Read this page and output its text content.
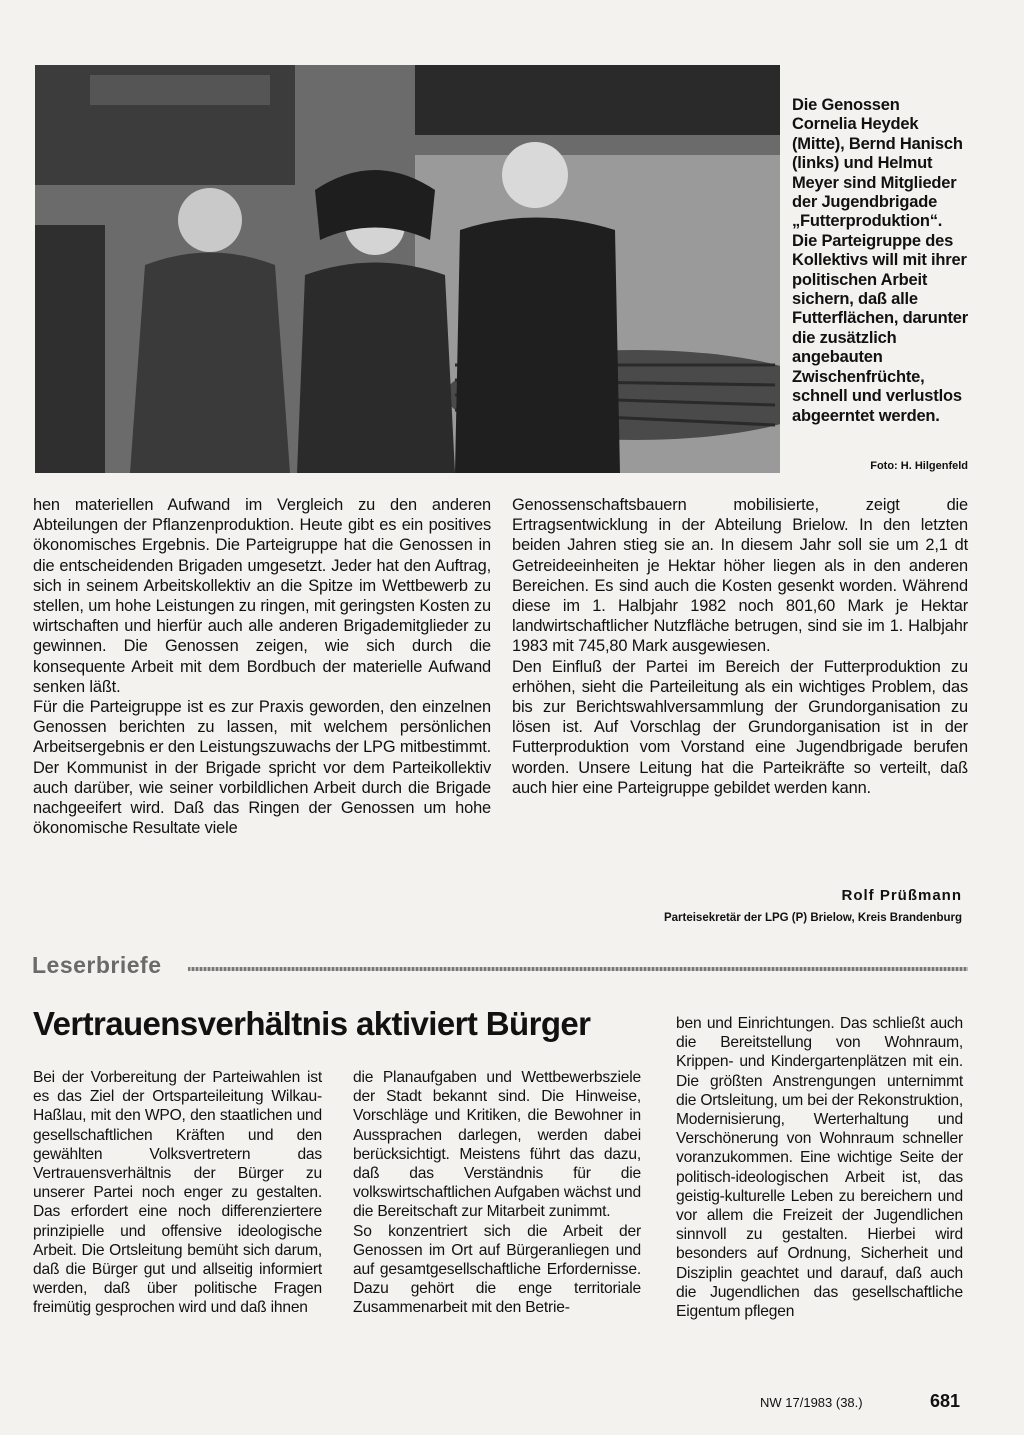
Die Genossen Cornelia Heydek (Mitte), Bernd Hanisch (links) und Helmut Meyer sind Mitglieder der Jugendbrigade „Futterproduktion“. Die Parteigruppe des Kollektivs will mit ihrer politischen Arbeit sichern, daß alle Futterflächen, darunter die zusätzlich angebauten Zwischenfrüchte, schnell und verlustlos abgeerntet werden.
Foto: H. Hilgenfeld

hen materiellen Aufwand im Vergleich zu den anderen Abteilungen der Pflanzenproduktion. Heute gibt es ein positives ökonomisches Ergebnis. Die Parteigruppe hat die Genossen in die entscheidenden Brigaden umgesetzt. Jeder hat den Auftrag, sich in seinem Arbeitskollektiv an die Spitze im Wettbewerb zu stellen, um hohe Leistungen zu ringen, mit geringsten Kosten zu wirtschaften und hierfür auch alle anderen Brigademitglieder zu gewinnen. Die Genossen zeigen, wie sich durch die konsequente Arbeit mit dem Bordbuch der materielle Aufwand senken läßt.

Für die Parteigruppe ist es zur Praxis geworden, den einzelnen Genossen berichten zu lassen, mit welchem persönlichen Arbeitsergebnis er den Leistungszuwachs der LPG mitbestimmt. Der Kommunist in der Brigade spricht vor dem Parteikollektiv auch darüber, wie seiner vorbildlichen Arbeit durch die Brigade nachgeeifert wird. Daß das Ringen der Genossen um hohe ökonomische Resultate viele

Genossenschaftsbauern mobilisierte, zeigt die Ertragsentwicklung in der Abteilung Brielow. In den letzten beiden Jahren stieg sie an. In diesem Jahr soll sie um 2,1 dt Getreideeinheiten je Hektar höher liegen als in den anderen Bereichen. Es sind auch die Kosten gesenkt worden. Während diese im 1. Halbjahr 1982 noch 801,60 Mark je Hektar landwirtschaftlicher Nutzfläche betrugen, sind sie im 1. Halbjahr 1983 mit 745,80 Mark ausgewiesen.

Den Einfluß der Partei im Bereich der Futterproduktion zu erhöhen, sieht die Parteileitung als ein wichtiges Problem, das bis zur Berichtswahlversammlung der Grundorganisation zu lösen ist. Auf Vorschlag der Grundorganisation ist in der Futterproduktion vom Vorstand eine Jugendbrigade berufen worden. Unsere Leitung hat die Parteikräfte so verteilt, daß auch hier eine Parteigruppe gebildet werden kann.

Rolf Prüßmann
Parteisekretär der LPG (P) Brielow, Kreis Brandenburg
Leserbriefe
Vertrauensverhältnis aktiviert Bürger

Bei der Vorbereitung der Parteiwahlen ist es das Ziel der Ortsparteileitung Wilkau-Haßlau, mit den WPO, den staatlichen und gesellschaftlichen Kräften und den gewählten Volksvertretern das Vertrauensverhältnis der Bürger zu unserer Partei noch enger zu gestalten. Das erfordert eine noch differenziertere prinzipielle und offensive ideologische Arbeit. Die Ortsleitung bemüht sich darum, daß die Bürger gut und allseitig informiert werden, daß über politische Fragen freimütig gesprochen wird und daß ihnen

die Planaufgaben und Wettbewerbsziele der Stadt bekannt sind. Die Hinweise, Vorschläge und Kritiken, die Bewohner in Aussprachen darlegen, werden dabei berücksichtigt. Meistens führt das dazu, daß das Verständnis für die volkswirtschaftlichen Aufgaben wächst und die Bereitschaft zur Mitarbeit zunimmt.

So konzentriert sich die Arbeit der Genossen im Ort auf Bürgeranliegen und auf gesamtgesellschaftliche Erfordernisse. Dazu gehört die enge territoriale Zusammenarbeit mit den Betrie-

ben und Einrichtungen. Das schließt auch die Bereitstellung von Wohnraum, Krippen- und Kindergartenplätzen mit ein. Die größten Anstrengungen unternimmt die Ortsleitung, um bei der Rekonstruktion, Modernisierung, Werterhaltung und Verschönerung von Wohnraum schneller voranzukommen. Eine wichtige Seite der politisch-ideologischen Arbeit ist, das geistig-kulturelle Leben zu bereichern und vor allem die Freizeit der Jugendlichen sinnvoll zu gestalten. Hierbei wird besonders auf Ordnung, Sicherheit und Disziplin geachtet und darauf, daß auch die Jugendlichen das gesellschaftliche Eigentum pflegen

NW 17/1983 (38.)	681
